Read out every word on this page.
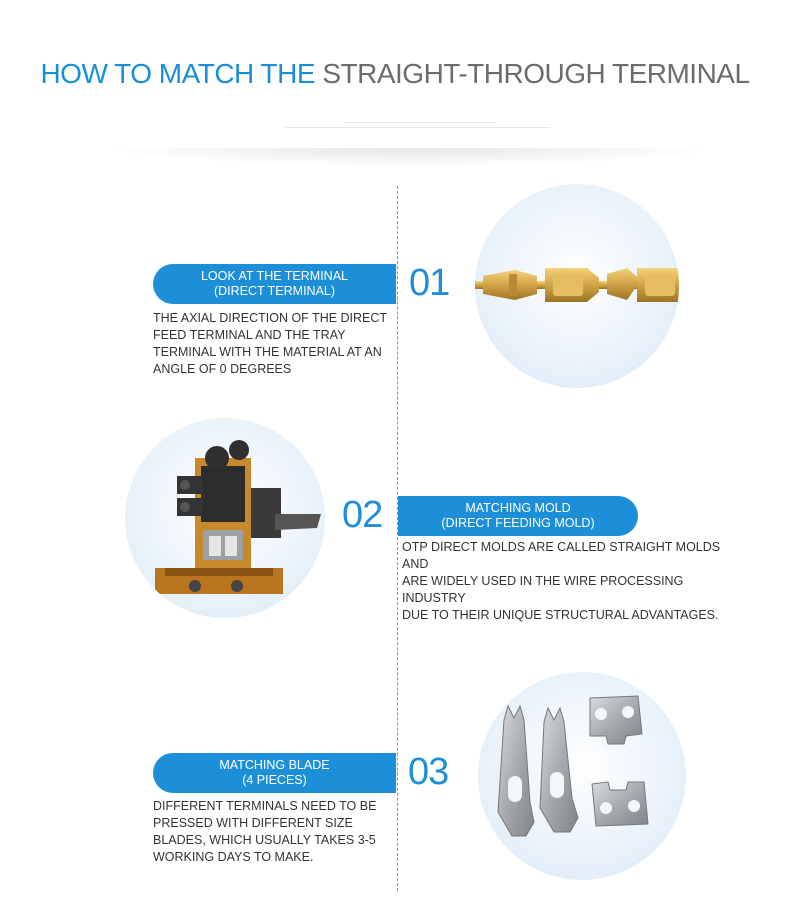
HOW TO MATCH THE STRAIGHT-THROUGH TERMINAL
LOOK AT THE TERMINAL
(DIRECT TERMINAL) 01
THE AXIAL DIRECTION OF THE DIRECT
FEED TERMINAL AND THE TRAY
TERMINAL WITH THE MATERIAL AT AN
ANGLE OF 0 DEGREES
02	MATCHING MOLD
(DIRECT FEEDING MOLD)
OTP DIRECT MOLDS ARE CALLED STRAIGHT MOLDS AND
ARE WIDELY USED IN THE WIRE PROCESSING INDUSTRY
DUE TO THEIR UNIQUE STRUCTURAL ADVANTAGES.
MATCHING BLADE
(4 PIECES)	03
DIFFERENT TERMINALS NEED TO BE
PRESSED WITH DIFFERENT SIZE
BLADES, WHICH USUALLY TAKES 3-5
WORKING DAYS TO MAKE.
